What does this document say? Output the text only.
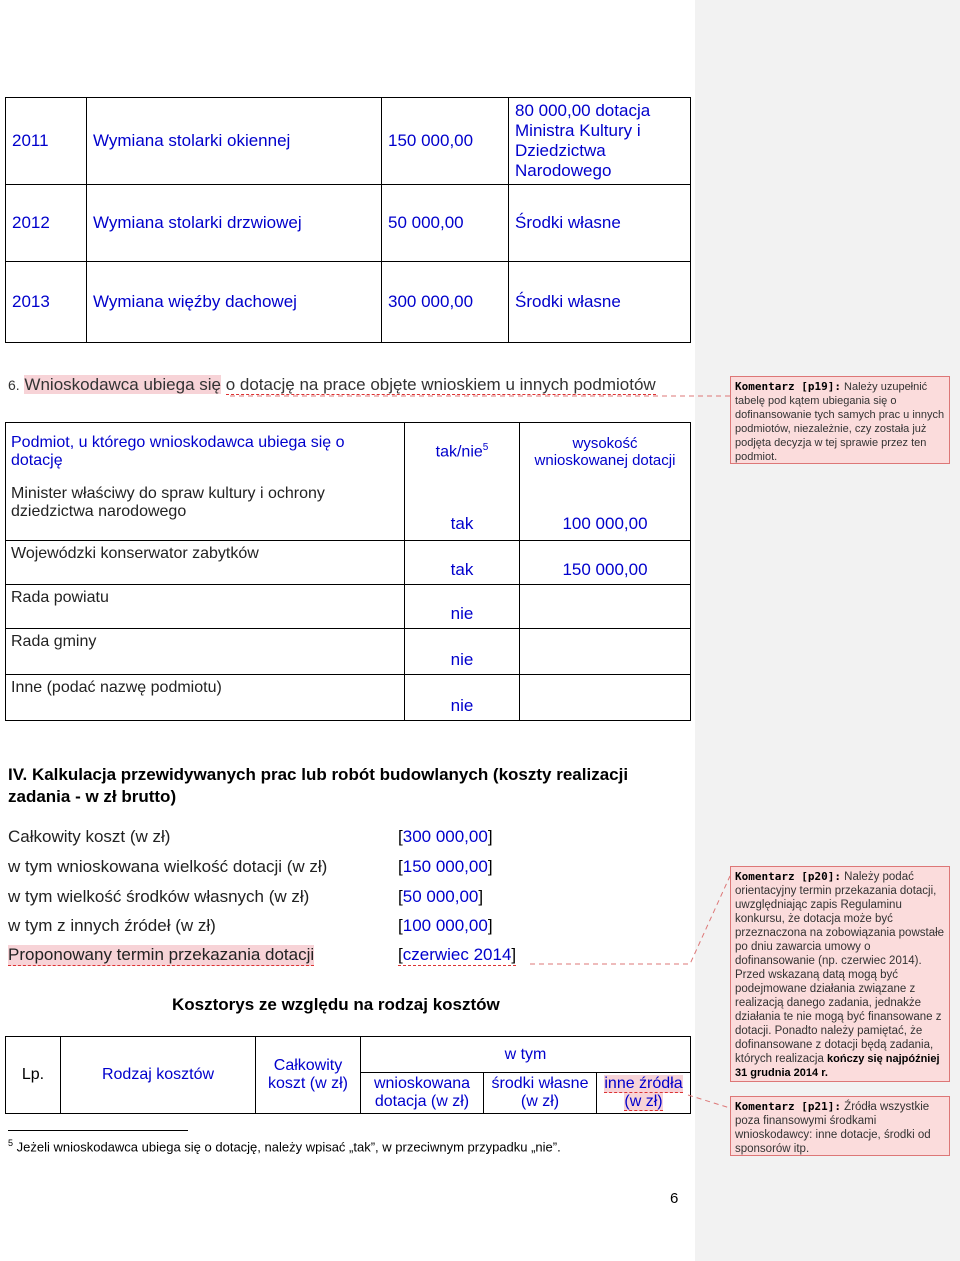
2011	Wymiana stolarki okiennej	150 000,00	80 000,00 dotacja Ministra Kultury i Dziedzictwa Narodowego
2012	Wymiana stolarki drzwiowej	50 000,00	Środki własne
2013	Wymiana więźby dachowej	300 000,00	Środki własne
6. Wnioskodawca ubiega się o dotację na prace objęte wnioskiem u innych podmiotów
Podmiot, u którego wnioskodawca ubiega się o dotację	tak/nie$^5$	wysokość wnioskowanej dotacji
Minister właściwy do spraw kultury i ochrony dziedzictwa narodowego	tak	100 000,00
Wojewódzki konserwator zabytków	tak	150 000,00
Rada powiatu	nie	
Rada gminy	nie	
Inne (podać nazwę podmiotu)	nie	
IV. Kalkulacja przewidywanych prac lub robót budowlanych (koszty realizacji zadania - w zł brutto)
Całkowity koszt (w zł)	[300 000,00]
w tym wnioskowana wielkość dotacji (w zł)	[150 000,00]
w tym wielkość środków własnych (w zł)	[50 000,00]
w tym z innych źródeł (w zł)	[100 000,00]
Proponowany termin przekazania dotacji	[czerwiec 2014]
Kosztorys ze względu na rodzaj kosztów
Lp.	Rodzaj kosztów	Całkowity koszt (w zł)	w tym		
			wnioskowana dotacja (w zł)	środki własne (w zł)	inne źródła (w zł)
$^5$ Jeżeli wnioskodawca ubiega się o dotację, należy wpisać „tak”, w przeciwnym przypadku „nie”.
6
Komentarz [p19]: Należy uzupełnić tabelę pod kątem ubiegania się o dofinansowanie tych samych prac u innych podmiotów, niezależnie, czy została już podjęta decyzja w tej sprawie przez ten podmiot.
Komentarz [p20]: Należy podać orientacyjny termin przekazania dotacji, uwzględniając zapis Regulaminu konkursu, że dotacja może być przeznaczona na zobowiązania powstałe po dniu zawarcia umowy o dofinansowanie (np. czerwiec 2014). Przed wskazaną datą mogą być podejmowane działania związane z realizacją danego zadania, jednakże działania te nie mogą być finansowane z dotacji. Ponadto należy pamiętać, że dofinansowane z dotacji będą zadania, których realizacja kończy się najpóźniej 31 grudnia 2014 r.
Komentarz [p21]: Źródła wszystkie poza finansowymi środkami wnioskodawcy: inne dotacje, środki od sponsorów itp.
